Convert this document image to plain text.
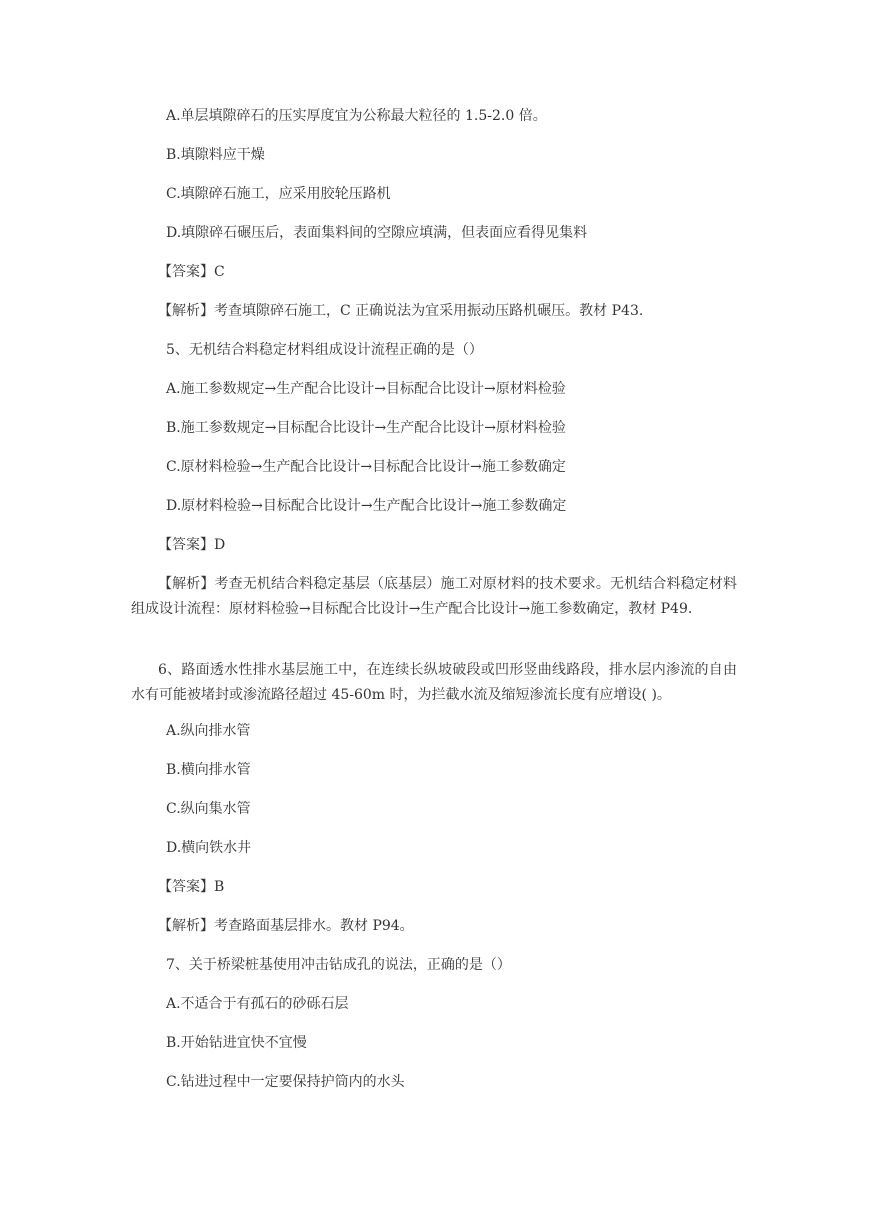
A.单层填隙碎石的压实厚度宜为公称最大粒径的 1.5-2.0 倍。
B.填隙料应干燥
C.填隙碎石施工，应采用胶轮压路机
D.填隙碎石碾压后，表面集料间的空隙应填满，但表面应看得见集料
【答案】C
【解析】考查填隙碎石施工，C 正确说法为宜采用振动压路机碾压。教材 P43.
5、无机结合料稳定材料组成设计流程正确的是（）
A.施工参数规定→生产配合比设计→目标配合比设计→原材料检验
B.施工参数规定→目标配合比设计→生产配合比设计→原材料检验
C.原材料检验→生产配合比设计→目标配合比设计→施工参数确定
D.原材料检验→目标配合比设计→生产配合比设计→施工参数确定
【答案】D
【解析】考查无机结合料稳定基层（底基层）施工对原材料的技术要求。无机结合料稳定材料组成设计流程：原材料检验→目标配合比设计→生产配合比设计→施工参数确定，教材 P49.
6、路面透水性排水基层施工中，在连续长纵坡破段或凹形竖曲线路段，排水层内渗流的自由水有可能被堵封或渗流路径超过 45-60m 时，为拦截水流及缩短渗流长度有应增设( )。
A.纵向排水管
B.横向排水管
C.纵向集水管
D.横向铁水井
【答案】B
【解析】考查路面基层排水。教材 P94。
7、关于桥梁桩基使用冲击钻成孔的说法，正确的是（）
A.不适合于有孤石的砂砾石层
B.开始钻进宜快不宜慢
C.钻进过程中一定要保持护筒内的水头
